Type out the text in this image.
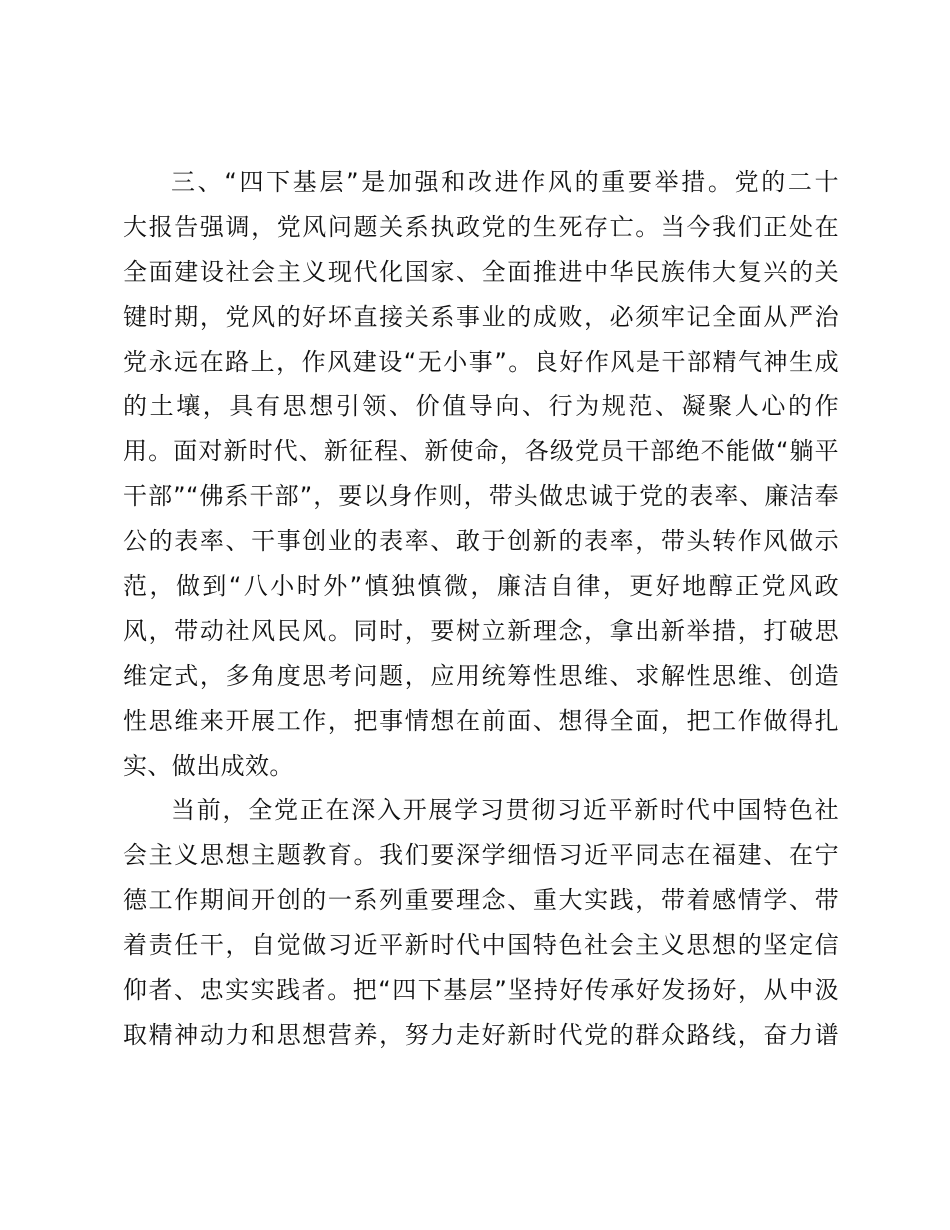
三、“四下基层”是加强和改进作风的重要举措。党的二十
大报告强调，党风问题关系执政党的生死存亡。当今我们正处在
全面建设社会主义现代化国家、全面推进中华民族伟大复兴的关
键时期，党风的好坏直接关系事业的成败，必须牢记全面从严治
党永远在路上，作风建设“无小事”。良好作风是干部精气神生成
的土壤，具有思想引领、价值导向、行为规范、凝聚人心的作
用。面对新时代、新征程、新使命，各级党员干部绝不能做“躺平
干部”“佛系干部”，要以身作则，带头做忠诚于党的表率、廉洁奉
公的表率、干事创业的表率、敢于创新的表率，带头转作风做示
范，做到“八小时外”慎独慎微，廉洁自律，更好地醇正党风政
风，带动社风民风。同时，要树立新理念，拿出新举措，打破思
维定式，多角度思考问题，应用统筹性思维、求解性思维、创造
性思维来开展工作，把事情想在前面、想得全面，把工作做得扎
实、做出成效。
当前，全党正在深入开展学习贯彻习近平新时代中国特色社
会主义思想主题教育。我们要深学细悟习近平同志在福建、在宁
德工作期间开创的一系列重要理念、重大实践，带着感情学、带
着责任干，自觉做习近平新时代中国特色社会主义思想的坚定信
仰者、忠实实践者。把“四下基层”坚持好传承好发扬好，从中汲
取精神动力和思想营养，努力走好新时代党的群众路线，奋力谱
